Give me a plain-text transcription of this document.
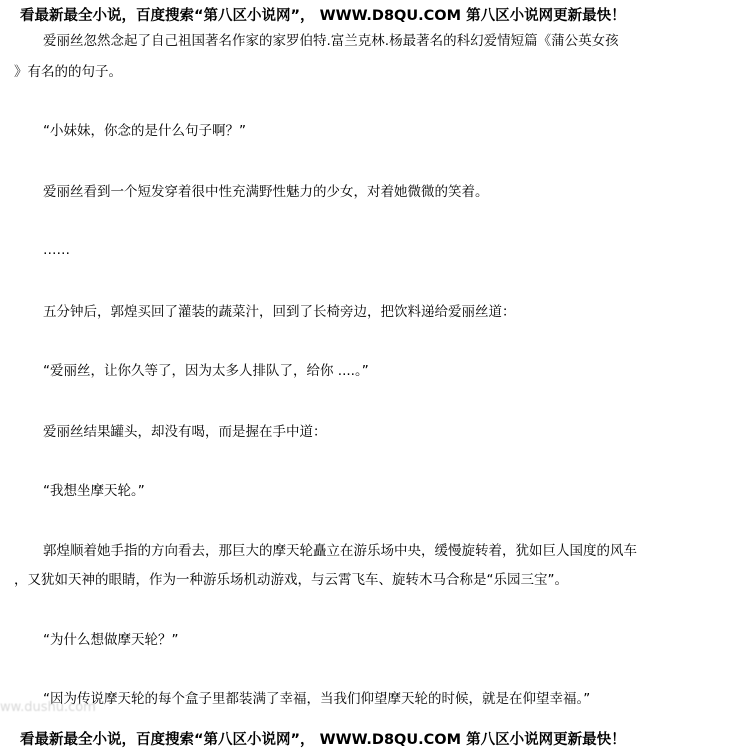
看最新最全小说，百度搜索“第八区小说网”， WWW.D8QU.COM 第八区小说网更新最快！
爱丽丝忽然念起了自己祖国著名作家的家罗伯特.富兰克林.杨最著名的科幻爱情短篇《蒲公英女孩
》有名的的句子。
“小妹妹，你念的是什么句子啊？”
爱丽丝看到一个短发穿着很中性充满野性魅力的少女，对着她微微的笑着。
……
五分钟后，郭煌买回了灌装的蔬菜汁，回到了长椅旁边，把饮料递给爱丽丝道：
“爱丽丝，让你久等了，因为太多人排队了，给你 ....。”
爱丽丝结果罐头，却没有喝，而是握在手中道：
“我想坐摩天轮。”
郭煌顺着她手指的方向看去，那巨大的摩天轮矗立在游乐场中央，缓慢旋转着，犹如巨人国度的风车
，又犹如天神的眼睛，作为一种游乐场机动游戏，与云霄飞车、旋转木马合称是“乐园三宝”。
“为什么想做摩天轮？”
“因为传说摩天轮的每个盒子里都装满了幸福，当我们仰望摩天轮的时候，就是在仰望幸福。”
ww.dushu.com
看最新最全小说，百度搜索“第八区小说网”， WWW.D8QU.COM 第八区小说网更新最快！
